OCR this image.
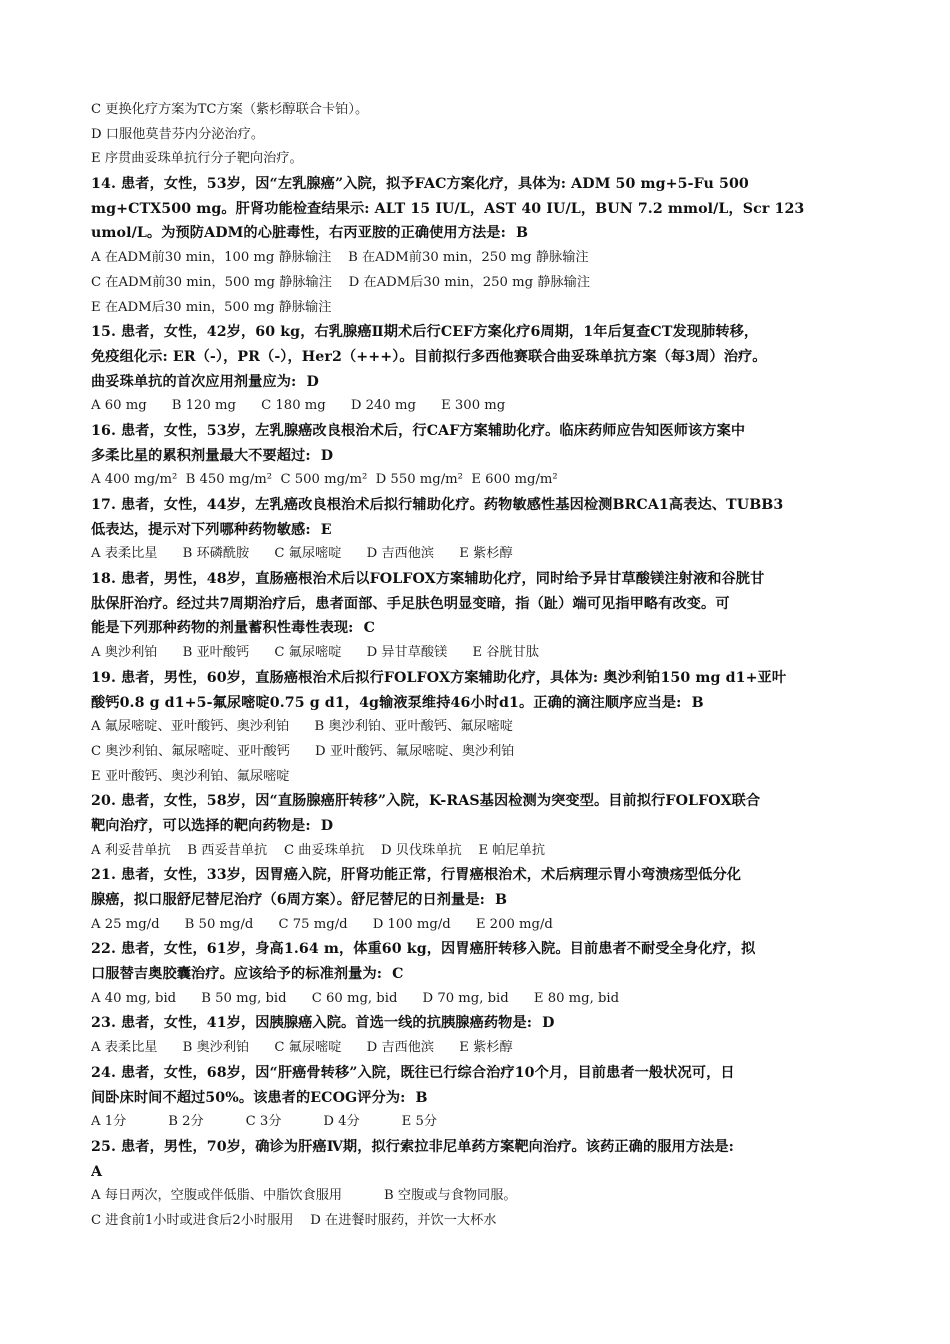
C 更换化疗方案为TC方案（紫杉醇联合卡铂）。
D 口服他莫昔芬内分泌治疗。
E 序贯曲妥珠单抗行分子靶向治疗。
14. 患者，女性，53岁，因“左乳腺癌”入院，拟予FAC方案化疗，具体为: ADM 50 mg+5-Fu 500
mg+CTX500 mg。肝肾功能检查结果示: ALT 15 IU/L，AST 40 IU/L，BUN 7.2 mmol/L，Scr 123
umol/L。为预防ADM的心脏毒性，右丙亚胺的正确使用方法是:  B
A 在ADM前30 min，100 mg 静脉输注    B 在ADM前30 min，250 mg 静脉输注
C 在ADM前30 min，500 mg 静脉输注    D 在ADM后30 min，250 mg 静脉输注
E 在ADM后30 min，500 mg 静脉输注
15. 患者，女性，42岁，60 kg，右乳腺癌Ⅱ期术后行CEF方案化疗6周期，1年后复查CT发现肺转移，
免疫组化示: ER（-），PR（-），Her2（+++）。目前拟行多西他赛联合曲妥珠单抗方案（每3周）治疗。
曲妥珠单抗的首次应用剂量应为:  D
A 60 mg      B 120 mg      C 180 mg      D 240 mg      E 300 mg
16. 患者，女性，53岁，左乳腺癌改良根治术后，行CAF方案辅助化疗。临床药师应告知医师该方案中
多柔比星的累积剂量最大不要超过:  D
A 400 mg/m²  B 450 mg/m²  C 500 mg/m²  D 550 mg/m²  E 600 mg/m²
17. 患者，女性，44岁，左乳癌改良根治术后拟行辅助化疗。药物敏感性基因检测BRCA1高表达、TUBB3
低表达，提示对下列哪种药物敏感:  E
A 表柔比星      B 环磷酰胺      C 氟尿嘧啶      D 吉西他滨      E 紫杉醇
18. 患者，男性，48岁，直肠癌根治术后以FOLFOX方案辅助化疗，同时给予异甘草酸镁注射液和谷胱甘
肽保肝治疗。经过共7周期治疗后，患者面部、手足肤色明显变暗，指（趾）端可见指甲略有改变。可
能是下列那种药物的剂量蓄积性毒性表现:  C
A 奥沙利铂      B 亚叶酸钙      C 氟尿嘧啶      D 异甘草酸镁      E 谷胱甘肽
19. 患者，男性，60岁，直肠癌根治术后拟行FOLFOX方案辅助化疗，具体为: 奥沙利铂150 mg d1+亚叶
酸钙0.8 g d1+5-氟尿嘧啶0.75 g d1，4g输液泵维持46小时d1。正确的滴注顺序应当是:  B
A 氟尿嘧啶、亚叶酸钙、奥沙利铂      B 奥沙利铂、亚叶酸钙、氟尿嘧啶
C 奥沙利铂、氟尿嘧啶、亚叶酸钙      D 亚叶酸钙、氟尿嘧啶、奥沙利铂
E 亚叶酸钙、奥沙利铂、氟尿嘧啶
20. 患者，女性，58岁，因“直肠腺癌肝转移”入院，K-RAS基因检测为突变型。目前拟行FOLFOX联合
靶向治疗，可以选择的靶向药物是:  D
A 利妥昔单抗    B 西妥昔单抗    C 曲妥珠单抗    D 贝伐珠单抗    E 帕尼单抗
21. 患者，女性，33岁，因胃癌入院，肝肾功能正常，行胃癌根治术，术后病理示胃小弯溃疡型低分化
腺癌，拟口服舒尼替尼治疗（6周方案）。舒尼替尼的日剂量是:  B
A 25 mg/d      B 50 mg/d      C 75 mg/d      D 100 mg/d      E 200 mg/d
22. 患者，女性，61岁，身高1.64 m，体重60 kg，因胃癌肝转移入院。目前患者不耐受全身化疗，拟
口服替吉奥胶囊治疗。应该给予的标准剂量为:  C
A 40 mg, bid      B 50 mg, bid      C 60 mg, bid      D 70 mg, bid      E 80 mg, bid
23. 患者，女性，41岁，因胰腺癌入院。首选一线的抗胰腺癌药物是:  D
A 表柔比星      B 奥沙利铂      C 氟尿嘧啶      D 吉西他滨      E 紫杉醇
24. 患者，女性，68岁，因“肝癌骨转移”入院，既往已行综合治疗10个月，目前患者一般状况可，日
间卧床时间不超过50%。该患者的ECOG评分为:  B
A 1分          B 2分          C 3分          D 4分          E 5分
25. 患者，男性，70岁，确诊为肝癌Ⅳ期，拟行索拉非尼单药方案靶向治疗。该药正确的服用方法是:
A
A 每日两次，空腹或伴低脂、中脂饮食服用          B 空腹或与食物同服。
C 进食前1小时或进食后2小时服用    D 在进餐时服药，并饮一大杯水
